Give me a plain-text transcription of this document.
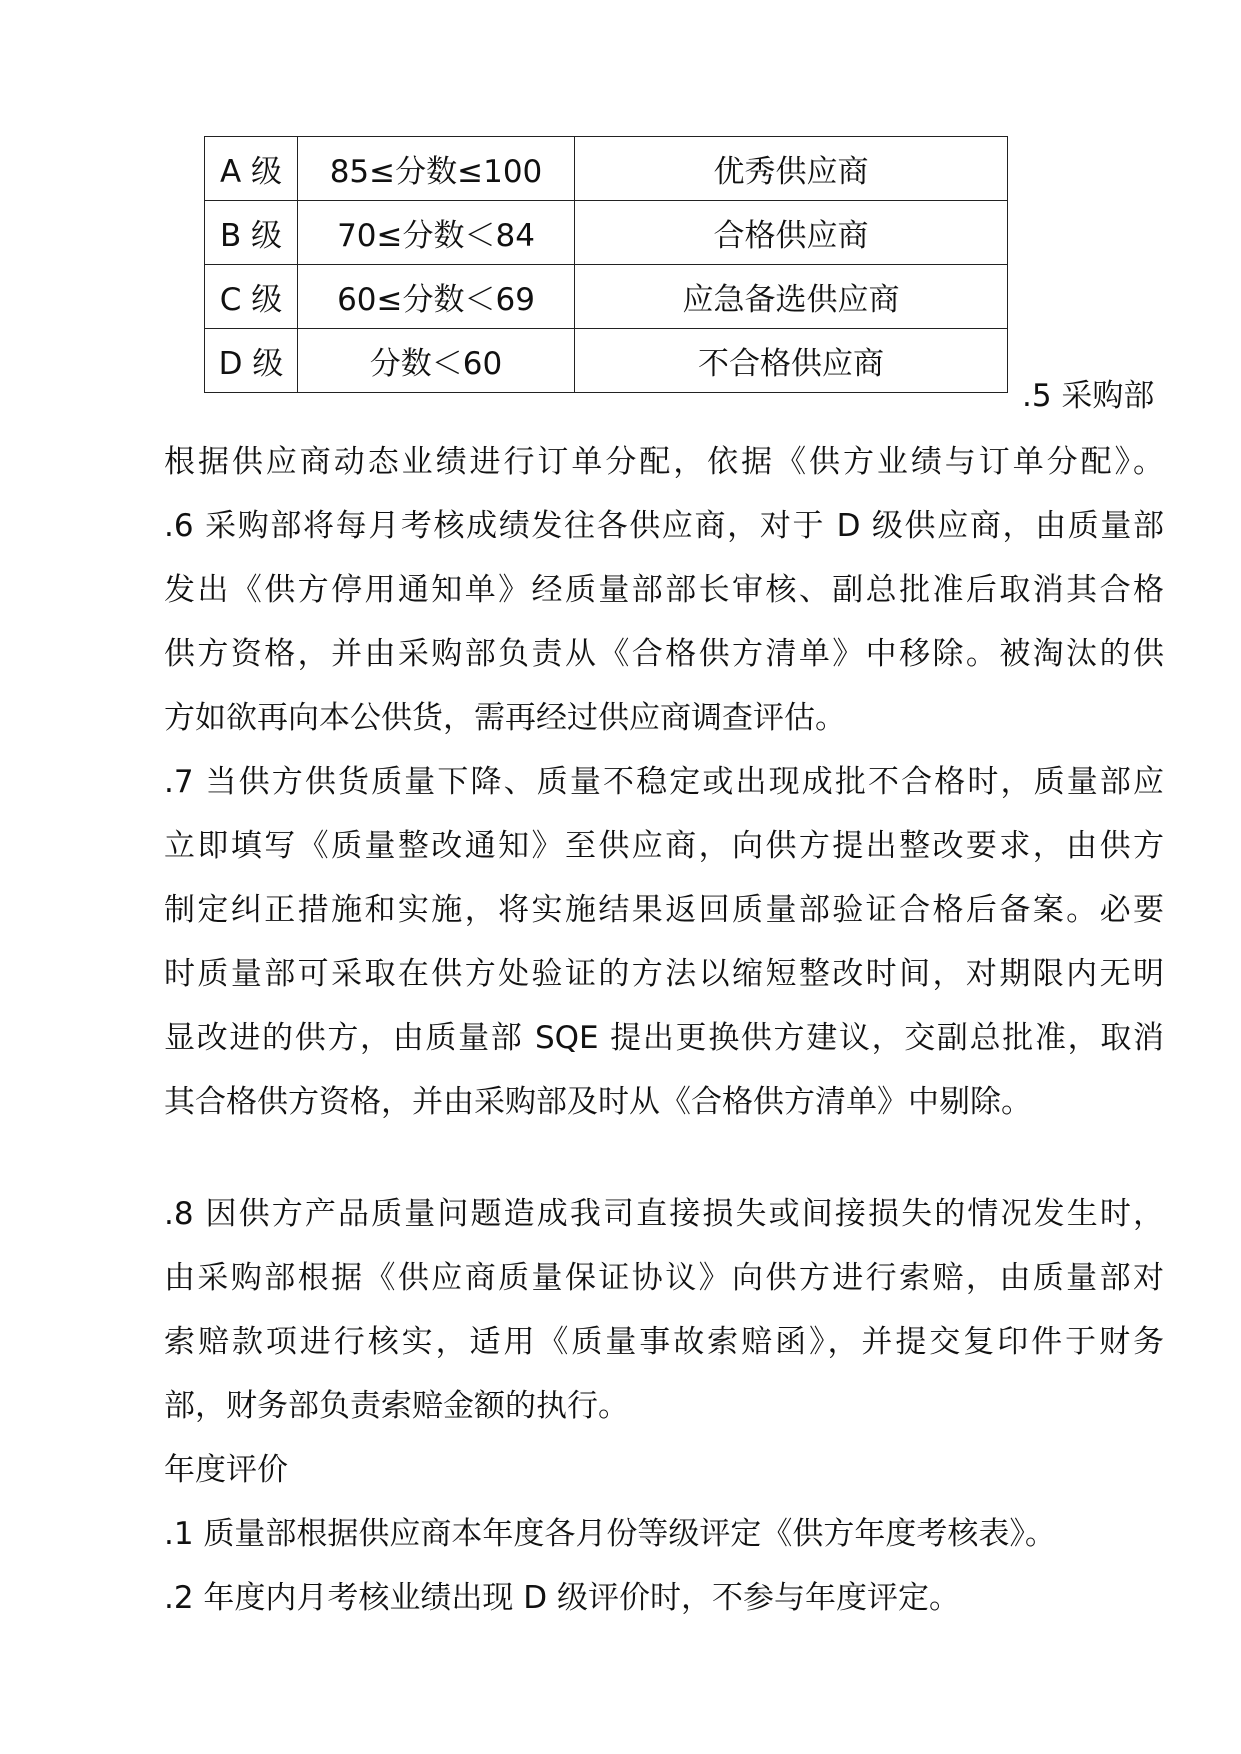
A 级	85≤分数≤100	优秀供应商
B 级	70≤分数＜84	合格供应商
C 级	60≤分数＜69	应急备选供应商
D 级	分数＜60	不合格供应商
.5 采购部
根据供应商动态业绩进行订单分配，依据《供方业绩与订单分配》。
.6 采购部将每月考核成绩发往各供应商，对于 D 级供应商，由质量部
发出《供方停用通知单》经质量部部长审核、副总批准后取消其合格
供方资格，并由采购部负责从《合格供方清单》中移除。被淘汰的供
方如欲再向本公供货，需再经过供应商调查评估。
.7 当供方供货质量下降、质量不稳定或出现成批不合格时，质量部应
立即填写《质量整改通知》至供应商，向供方提出整改要求，由供方
制定纠正措施和实施，将实施结果返回质量部验证合格后备案。必要
时质量部可采取在供方处验证的方法以缩短整改时间，对期限内无明
显改进的供方，由质量部 SQE 提出更换供方建议，交副总批准，取消
其合格供方资格，并由采购部及时从《合格供方清单》中剔除。
.8 因供方产品质量问题造成我司直接损失或间接损失的情况发生时，
由采购部根据《供应商质量保证协议》向供方进行索赔，由质量部对
索赔款项进行核实，适用《质量事故索赔函》，并提交复印件于财务
部，财务部负责索赔金额的执行。
年度评价
.1 质量部根据供应商本年度各月份等级评定《供方年度考核表》。
.2 年度内月考核业绩出现 D 级评价时，不参与年度评定。
